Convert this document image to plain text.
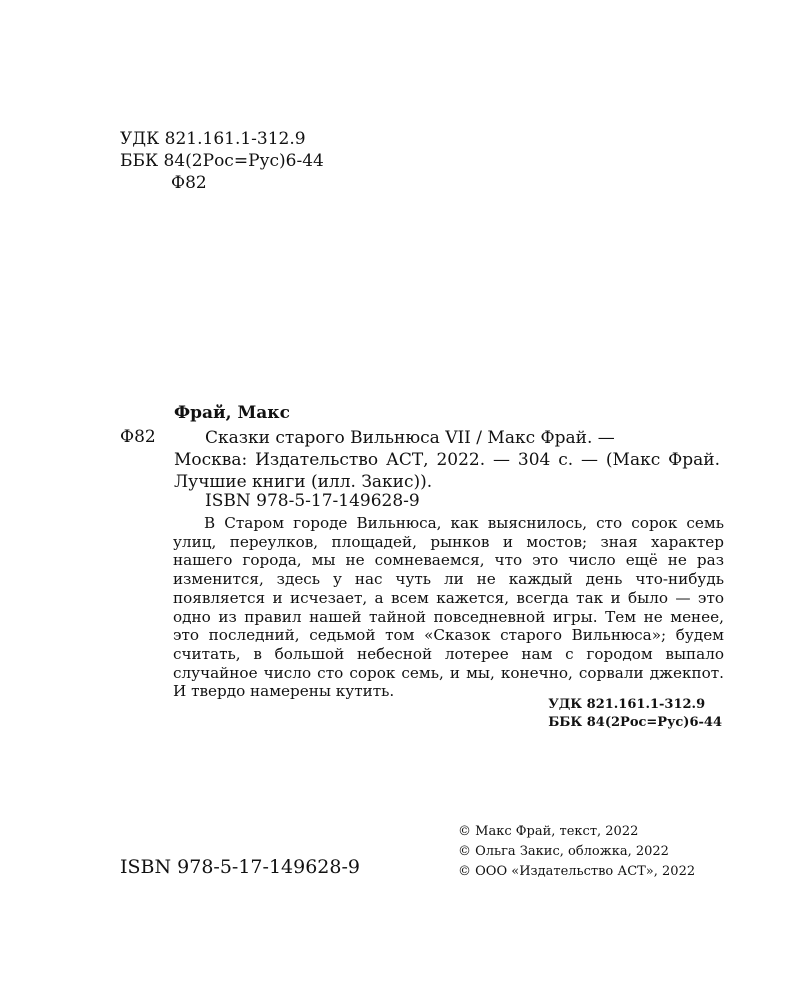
УДК 821.161.1-312.9
ББК 84(2Рос=Рус)6-44
Ф82
Фрай, Макс
Ф82	Сказки старого Вильнюса VII / Макс Фрай. —
Москва: Издательство АСТ, 2022. — 304 с. — (Макс Фрай. Лучшие книги (илл. Закис)).
ISBN 978-5-17-149628-9
В Старом городе Вильнюса, как выяснилось, сто сорок семь улиц, переулков, площадей, рынков и мостов; зная характер нашего города, мы не сомневаемся, что это число ещё не раз изменится, здесь у нас чуть ли не каждый день что-нибудь появляется и исчезает, а всем кажется, всегда так и было — это одно из правил нашей тайной повседневной игры. Тем не менее, это последний, седьмой том «Сказок старого Вильнюса»; будем считать, в большой небесной лотерее нам с городом выпало случайное число сто сорок семь, и мы, конечно, сорвали джекпот. И твердо намерены кутить.
УДК 821.161.1-312.9
ББК 84(2Рос=Рус)6-44
ISBN 978-5-17-149628-9
© Макс Фрай, текст, 2022
© Ольга Закис, обложка, 2022
© ООО «Издательство АСТ», 2022
